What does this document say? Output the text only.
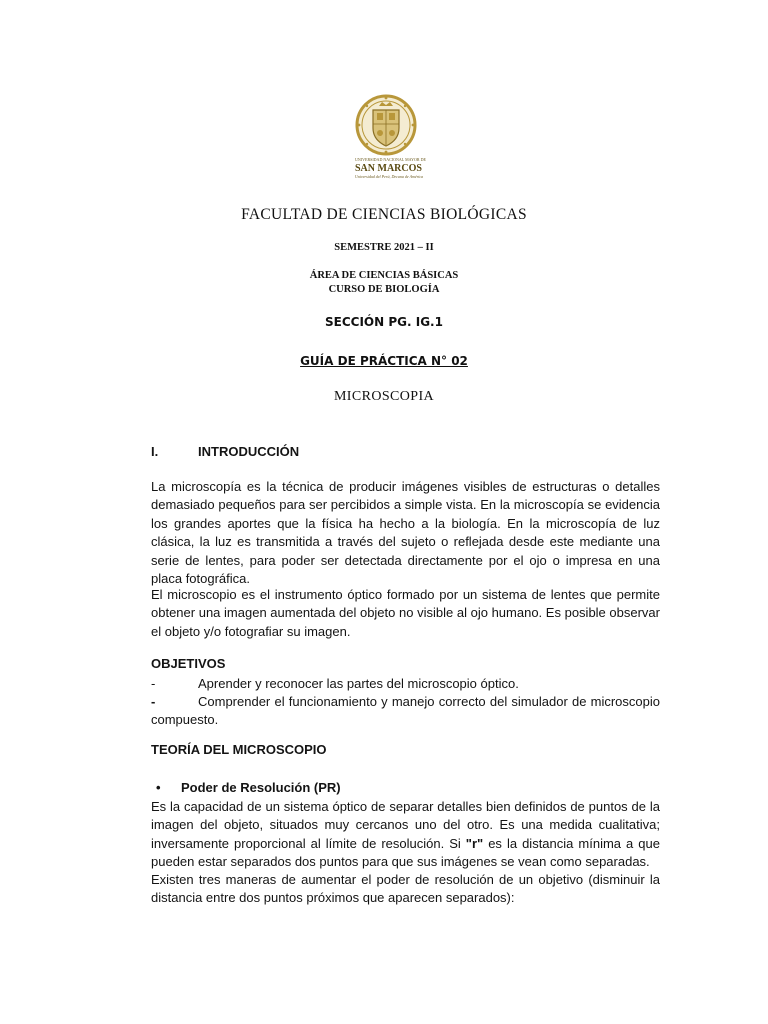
UNIVERSIDAD NACIONAL MAYOR DE
SAN MARCOS
Universidad del Perú, Decana de América
FACULTAD DE CIENCIAS BIOLÓGICAS
SEMESTRE 2021 – II
ÁREA DE CIENCIAS BÁSICAS
CURSO DE BIOLOGÍA
SECCIÓN PG. IG.1
GUÍA DE PRÁCTICA N° 02
MICROSCOPIA
I.	INTRODUCCIÓN
La microscopía es la técnica de producir imágenes visibles de estructuras o detalles demasiado pequeños para ser percibidos a simple vista. En la microscopía se evidencia los grandes aportes que la física ha hecho a la biología. En la microscopía de luz clásica, la luz es transmitida a través del sujeto o reflejada desde este mediante una serie de lentes, para poder ser detectada directamente por el ojo o impresa en una placa fotográfica.
El microscopio es el instrumento óptico formado por un sistema de lentes que permite obtener una imagen aumentada del objeto no visible al ojo humano. Es posible observar el objeto y/o fotografiar su imagen.
OBJETIVOS
-	Aprender y reconocer las partes del microscopio óptico.
-	Comprender el funcionamiento y manejo correcto del simulador de microscopio compuesto.
TEORÍA DEL MICROSCOPIO
• Poder de Resolución (PR)
Es la capacidad de un sistema óptico de separar detalles bien definidos de puntos de la imagen del objeto, situados muy cercanos uno del otro. Es una medida cualitativa; inversamente proporcional al límite de resolución. Si "r" es la distancia mínima a que pueden estar separados dos puntos para que sus imágenes se vean como separadas.
Existen tres maneras de aumentar el poder de resolución de un objetivo (disminuir la distancia entre dos puntos próximos que aparecen separados):
